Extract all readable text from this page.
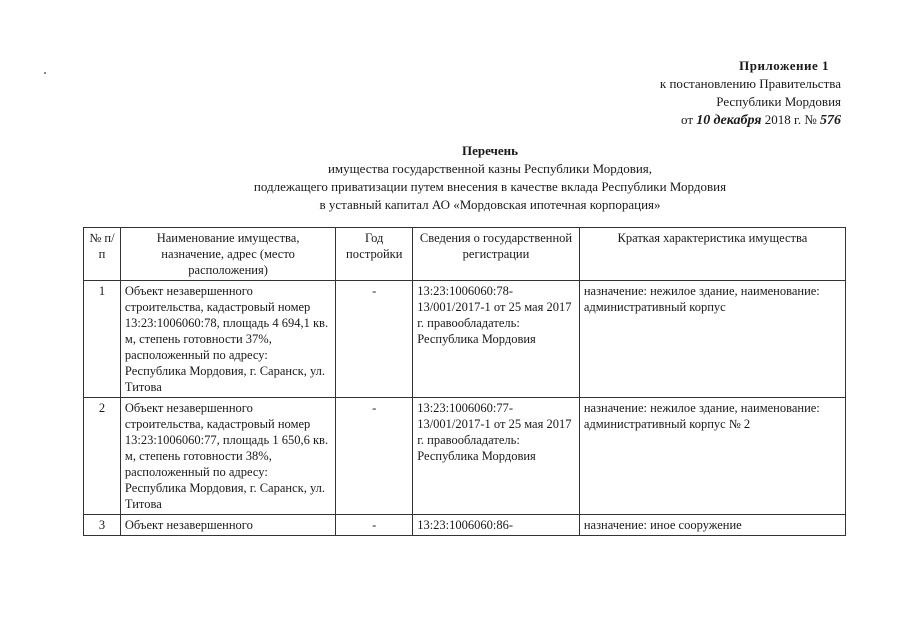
Приложение 1
к постановлению Правительства
Республики Мордовия
от 10 декабря 2018 г. № 576
Перечень
имущества государственной казны Республики Мордовия,
подлежащего приватизации путем внесения в качестве вклада Республики Мордовия
в уставный капитал АО «Мордовская ипотечная корпорация»
№ п/п	Наименование имущества, назначение, адрес (место расположения)	Год постройки	Сведения о государственной регистрации	Краткая характеристика имущества
1	Объект незавершенного строительства, кадастровый номер 13:23:1006060:78, площадь 4 694,1 кв. м, степень готовности 37%, расположенный по адресу: Республика Мордовия, г. Саранск, ул. Титова	-	13:23:1006060:78-13/001/2017-1 от 25 мая 2017 г. правообладатель: Республика Мордовия	назначение: нежилое здание, наименование: административный корпус
2	Объект незавершенного строительства, кадастровый номер 13:23:1006060:77, площадь 1 650,6 кв. м, степень готовности 38%, расположенный по адресу: Республика Мордовия, г. Саранск, ул. Титова	-	13:23:1006060:77-13/001/2017-1 от 25 мая 2017 г. правообладатель: Республика Мордовия	назначение: нежилое здание, наименование: административный корпус № 2
3	Объект незавершенного	-	13:23:1006060:86-	назначение: иное сооружение
